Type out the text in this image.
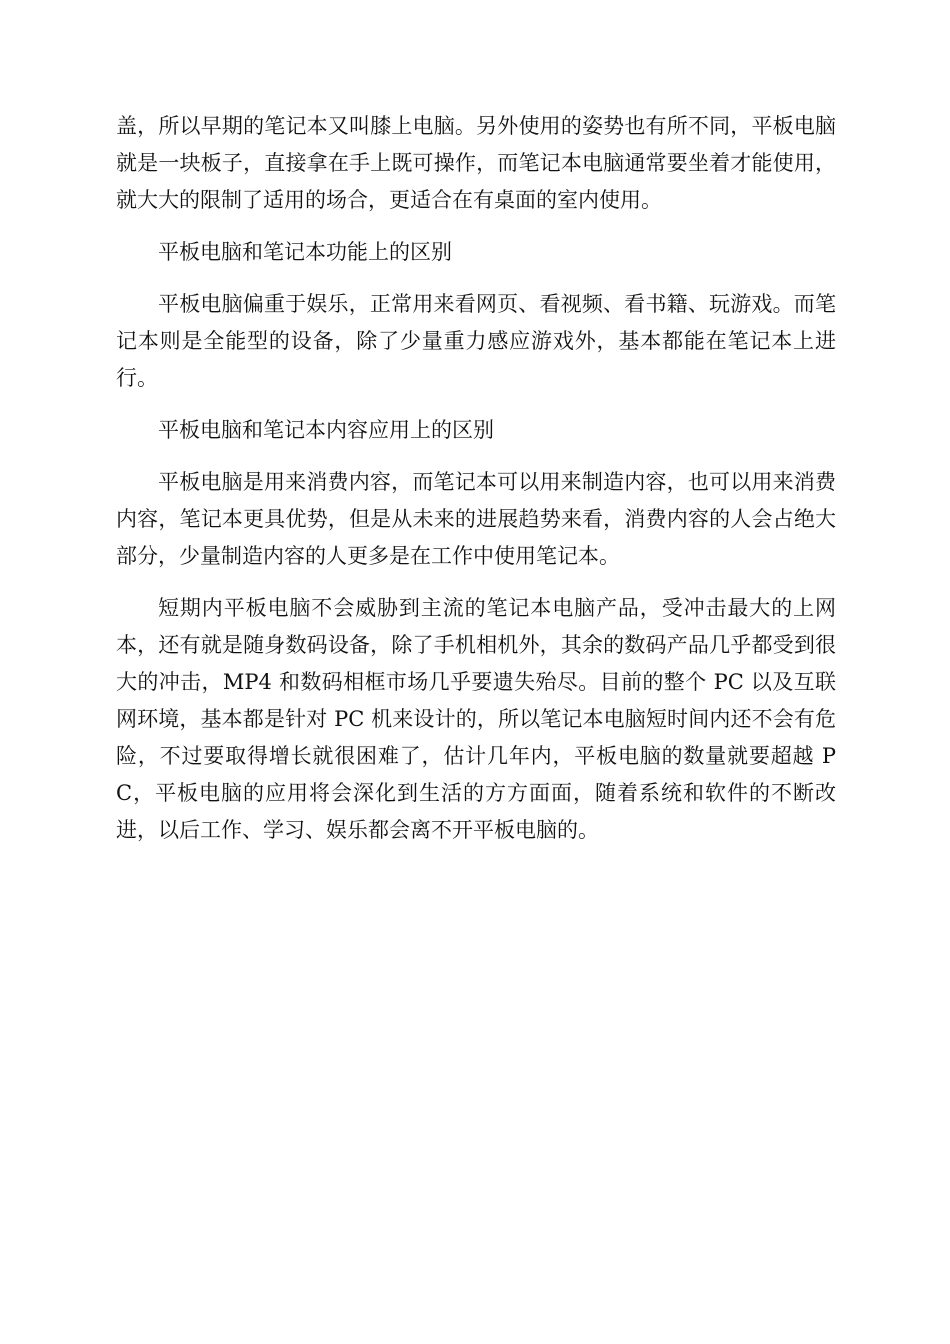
盖，所以早期的笔记本又叫膝上电脑。另外使用的姿势也有所不同，平板电脑就是一块板子，直接拿在手上既可操作，而笔记本电脑通常要坐着才能使用，就大大的限制了适用的场合，更适合在有桌面的室内使用。

平板电脑和笔记本功能上的区别

平板电脑偏重于娱乐，正常用来看网页、看视频、看书籍、玩游戏。而笔记本则是全能型的设备，除了少量重力感应游戏外，基本都能在笔记本上进行。

平板电脑和笔记本内容应用上的区别

平板电脑是用来消费内容，而笔记本可以用来制造内容，也可以用来消费内容，笔记本更具优势，但是从未来的进展趋势来看，消费内容的人会占绝大部分，少量制造内容的人更多是在工作中使用笔记本。

短期内平板电脑不会威胁到主流的笔记本电脑产品，受冲击最大的上网本，还有就是随身数码设备，除了手机相机外，其余的数码产品几乎都受到很大的冲击，MP4 和数码相框市场几乎要遗失殆尽。目前的整个 PC 以及互联网环境，基本都是针对 PC 机来设计的，所以笔记本电脑短时间内还不会有危险，不过要取得增长就很困难了，估计几年内，平板电脑的数量就要超越 PC，平板电脑的应用将会深化到生活的方方面面，随着系统和软件的不断改进，以后工作、学习、娱乐都会离不开平板电脑的。
